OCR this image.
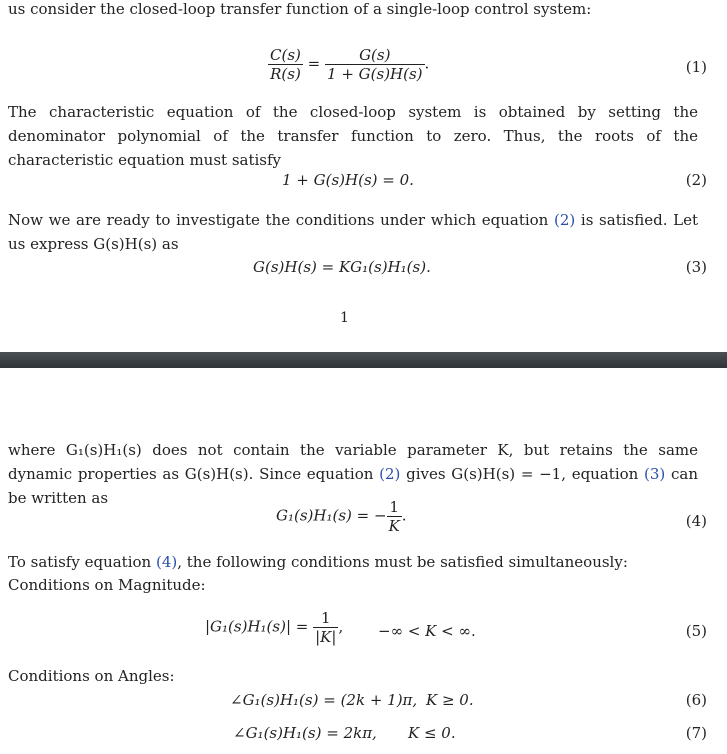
us consider the closed-loop transfer function of a single-loop control system:
$\frac{C(s)}{R(s)} = \frac{G(s)}{1 + G(s)H(s)}$ .	(1)
The characteristic equation of the closed-loop system is obtained by setting the denominator polynomial of the transfer function to zero. Thus, the roots of the characteristic equation must satisfy
1 + G(s)H(s) = 0.	(2)
Now we are ready to investigate the conditions under which equation (2) is satisfied. Let us express G(s)H(s) as
G(s)H(s) = KG₁(s)H₁(s).	(3)
1
where G₁(s)H₁(s) does not contain the variable parameter K, but retains the same dynamic properties as G(s)H(s). Since equation (2) gives G(s)H(s) = −1, equation (3) can be written as
G₁(s)H₁(s) = − $\frac{1}{K}$ .	(4)
To satisfy equation (4), the following conditions must be satisfied simultaneously:
Conditions on Magnitude:
$|G_1(s)H_1(s)| = \frac{1}{|K|}$ , −∞ < K < ∞.	(5)
Conditions on Angles:
∠G₁(s)H₁(s) = (2k + 1)π, K ≥ 0.	(6)
∠G₁(s)H₁(s) = 2kπ, K ≤ 0.	(7)
